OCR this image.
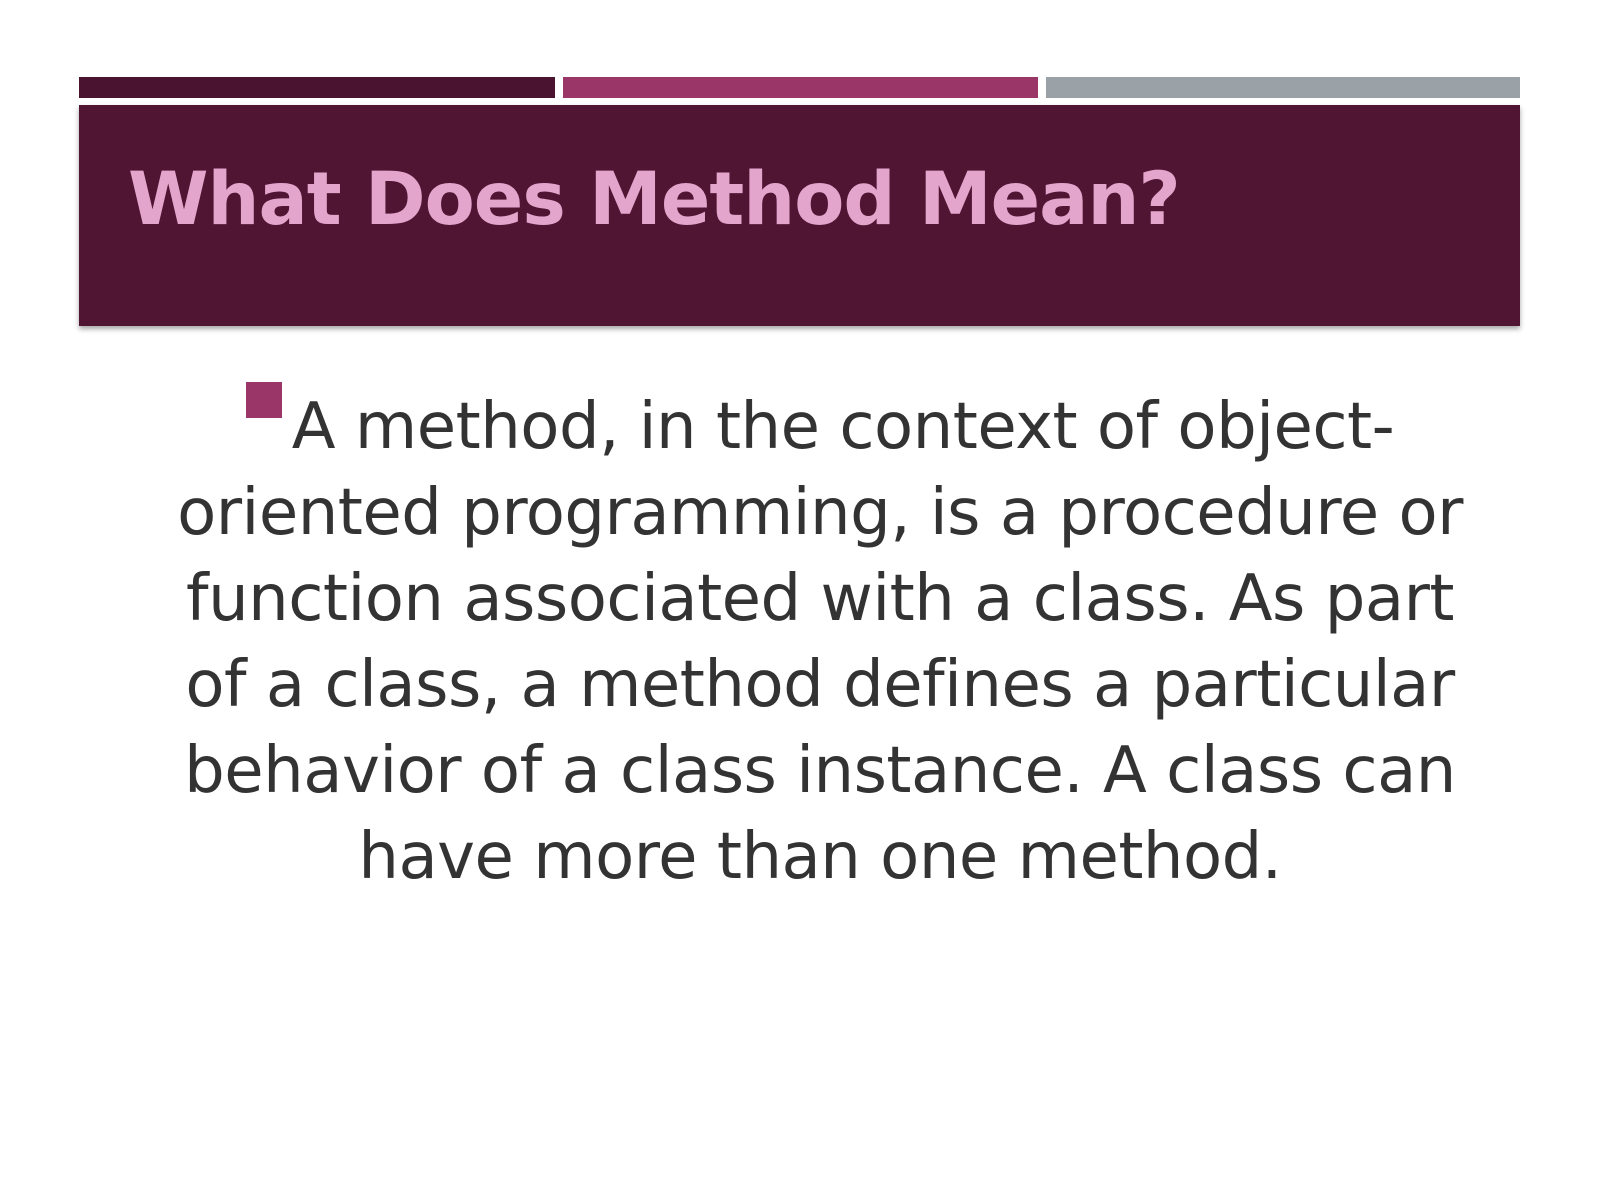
What Does Method Mean?

A method, in the context of object-oriented programming, is a procedure or function associated with a class. As part of a class, a method defines a particular behavior of a class instance. A class can have more than one method.
